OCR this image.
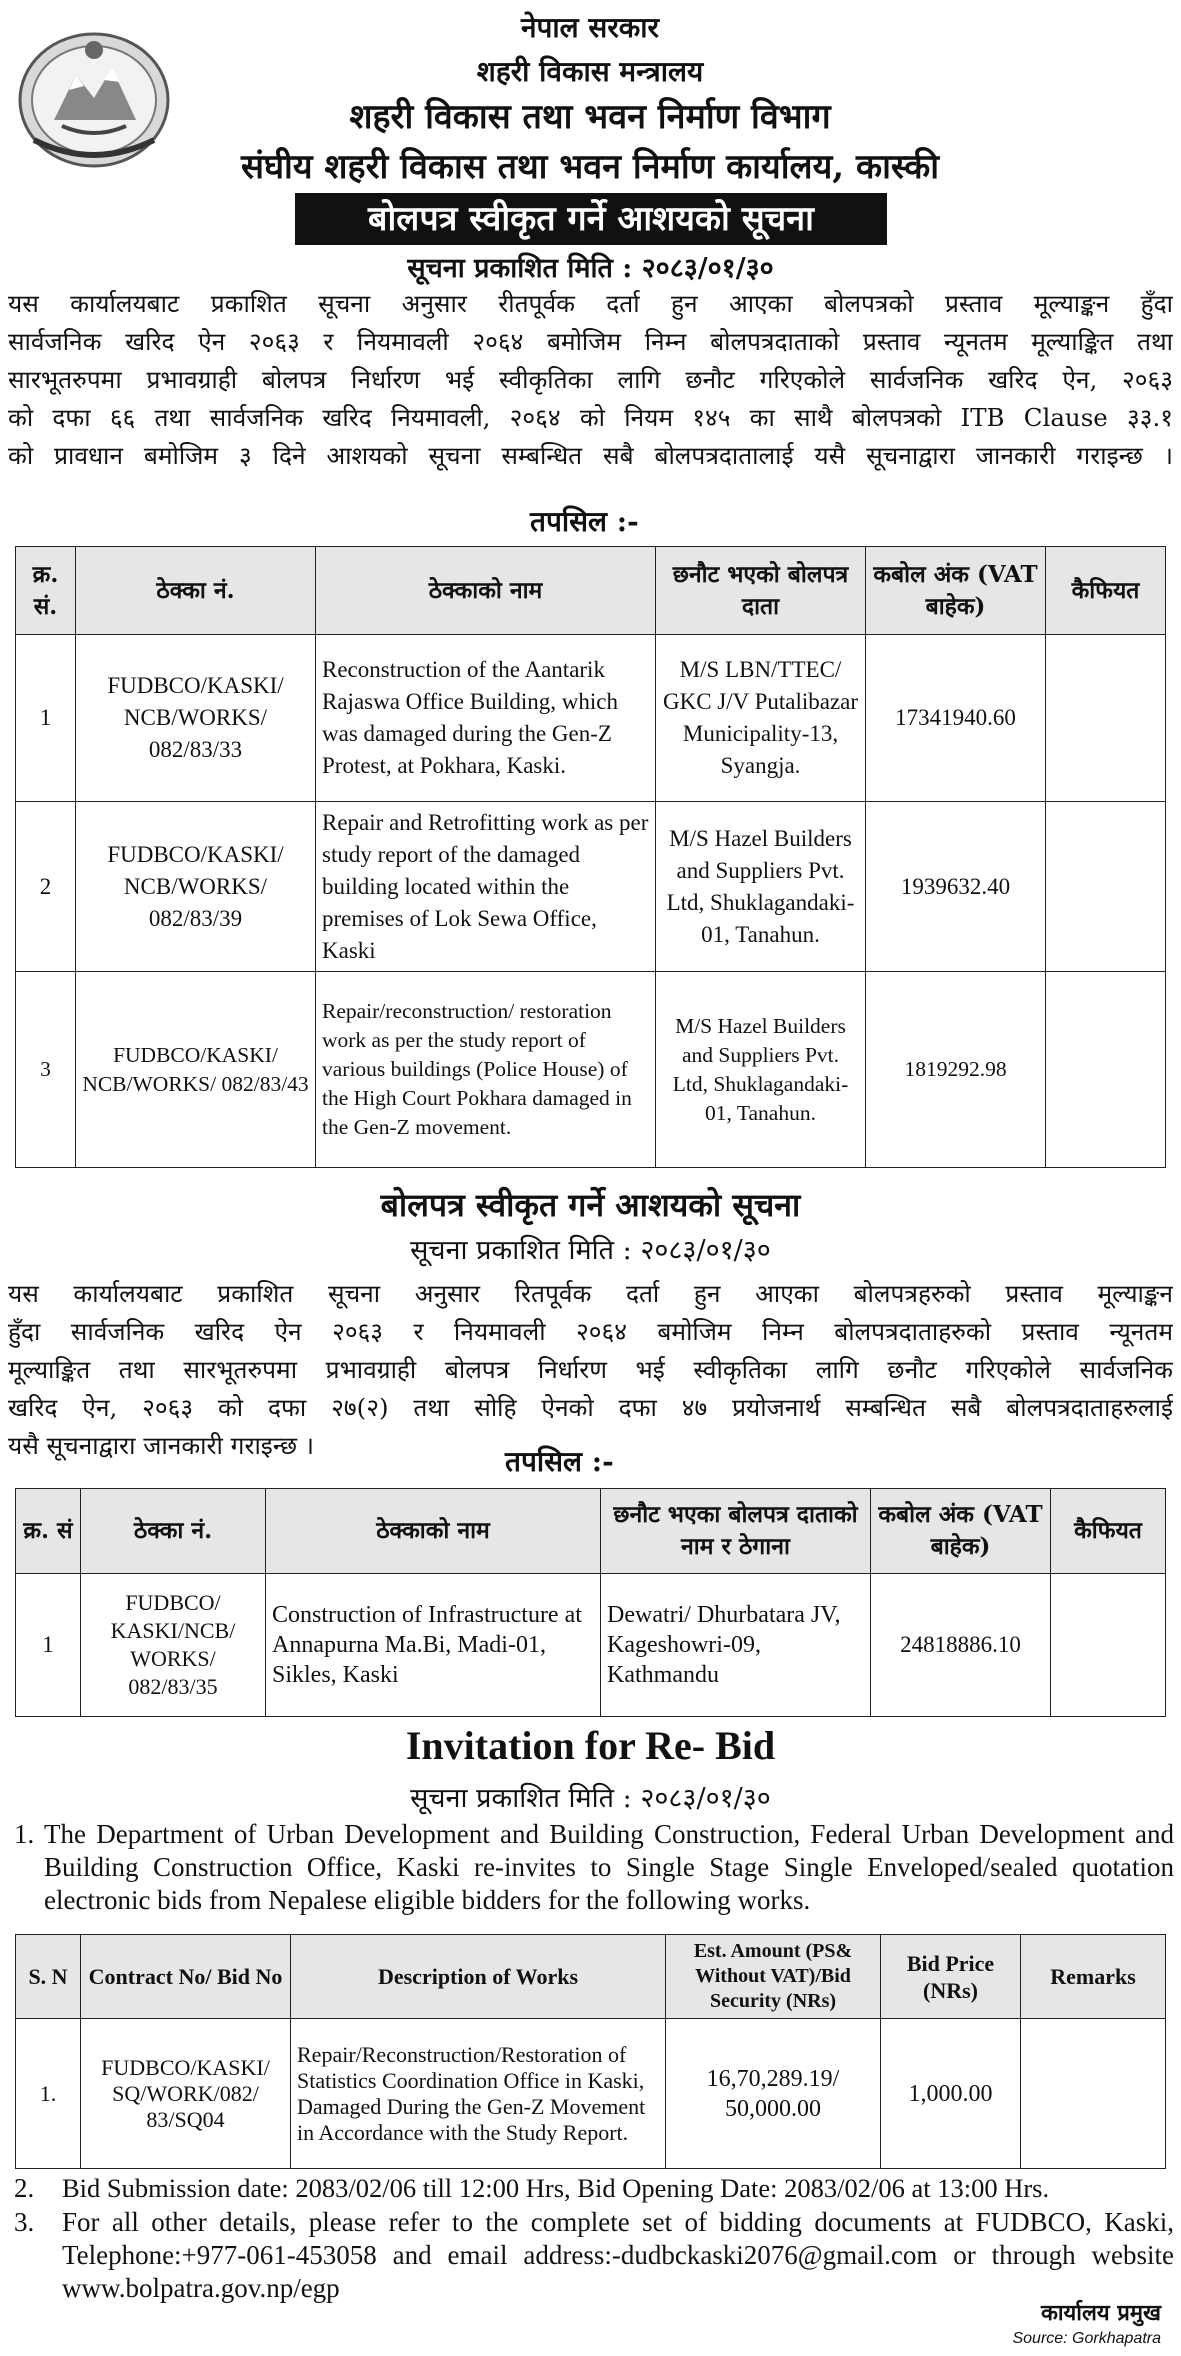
नेपाल सरकार
शहरी विकास मन्त्रालय
शहरी विकास तथा भवन निर्माण विभाग
संघीय शहरी विकास तथा भवन निर्माण कार्यालय, कास्की
बोलपत्र स्वीकृत गर्ने आशयको सूचना
सूचना प्रकाशित मिति : २०८३/०१/३०
यस कार्यालयबाट प्रकाशित सूचना अनुसार रीतपूर्वक दर्ता हुन आएका बोलपत्रको प्रस्ताव मूल्याङ्कन हुँदा
सार्वजनिक खरिद ऐन २०६३ र नियमावली २०६४ बमोजिम निम्न बोलपत्रदाताको प्रस्ताव न्यूनतम मूल्याङ्कित तथा
सारभूतरुपमा प्रभावग्राही बोलपत्र निर्धारण भई स्वीकृतिका लागि छनौट गरिएकोले सार्वजनिक खरिद ऐन, २०६३
को दफा ६६ तथा सार्वजनिक खरिद नियमावली, २०६४ को नियम १४५ का साथै बोलपत्रको ITB Clause ३३.१
को प्रावधान बमोजिम ३ दिने आशयको सूचना सम्बन्धित सबै बोलपत्रदातालाई यसै सूचनाद्वारा जानकारी गराइन्छ ।
तपसिल :-
क्र. सं.	ठेक्का नं.	ठेक्काको नाम	छनौट भएको बोलपत्र दाता	कबोल अंक (VAT बाहेक)	कैफियत
1	FUDBCO/KASKI/ NCB/WORKS/ 082/83/33	Reconstruction of the Aantarik Rajaswa Office Building, which was damaged during the Gen-Z Protest, at Pokhara, Kaski.	M/S LBN/TTEC/ GKC J/V Putalibazar Municipality-13, Syangja.	17341940.60	
2	FUDBCO/KASKI/ NCB/WORKS/ 082/83/39	Repair and Retrofitting work as per study report of the damaged building located within the premises of Lok Sewa Office, Kaski	M/S Hazel Builders and Suppliers Pvt. Ltd, Shuklagandaki-01, Tanahun.	1939632.40	
3	FUDBCO/KASKI/ NCB/WORKS/ 082/83/43	Repair/reconstruction/ restoration work as per the study report of various buildings (Police House) of the High Court Pokhara damaged in the Gen-Z movement.	M/S Hazel Builders and Suppliers Pvt. Ltd, Shuklagandaki-01, Tanahun.	1819292.98	
बोलपत्र स्वीकृत गर्ने आशयको सूचना
सूचना प्रकाशित मिति : २०८३/०१/३०
यस कार्यालयबाट प्रकाशित सूचना अनुसार रितपूर्वक दर्ता हुन आएका बोलपत्रहरुको प्रस्ताव मूल्याङ्कन
हुँदा सार्वजनिक खरिद ऐन २०६३ र नियमावली २०६४ बमोजिम निम्न बोलपत्रदाताहरुको प्रस्ताव न्यूनतम
मूल्याङ्कित तथा सारभूतरुपमा प्रभावग्राही बोलपत्र निर्धारण भई स्वीकृतिका लागि छनौट गरिएकोले सार्वजनिक
खरिद ऐन, २०६३ को दफा २७(२) तथा सोहि ऐनको दफा ४७ प्रयोजनार्थ सम्बन्धित सबै बोलपत्रदाताहरुलाई
यसै सूचनाद्वारा जानकारी गराइन्छ ।	तपसिल :-
क्र. सं	ठेक्का नं.	ठेक्काको नाम	छनौट भएका बोलपत्र दाताको नाम र ठेगाना	कबोल अंक (VAT बाहेक)	कैफियत
1	FUDBCO/ KASKI/NCB/ WORKS/ 082/83/35	Construction of Infrastructure at Annapurna Ma.Bi, Madi-01, Sikles, Kaski	Dewatri/ Dhurbatara JV, Kageshowri-09, Kathmandu	24818886.10	
Invitation for Re- Bid
सूचना प्रकाशित मिति : २०८३/०१/३०
1. The Department of Urban Development and Building Construction, Federal Urban Development and Building Construction Office, Kaski re-invites to Single Stage Single Enveloped/sealed quotation electronic bids from Nepalese eligible bidders for the following works.
S. N	Contract No/ Bid No	Description of Works	Est. Amount (PS& Without VAT)/Bid Security (NRs)	Bid Price (NRs)	Remarks
1.	FUDBCO/KASKI/ SQ/WORK/082/ 83/SQ04	Repair/Reconstruction/Restoration of Statistics Coordination Office in Kaski, Damaged During the Gen-Z Movement in Accordance with the Study Report.	16,70,289.19/ 50,000.00	1,000.00	
2. Bid Submission date: 2083/02/06 till 12:00 Hrs, Bid Opening Date: 2083/02/06 at 13:00 Hrs.
3. For all other details, please refer to the complete set of bidding documents at FUDBCO, Kaski, Telephone:+977-061-453058 and email address:-dudbckaski2076@gmail.com or through website www.bolpatra.gov.np/egp
कार्यालय प्रमुख
Source: Gorkhapatra
